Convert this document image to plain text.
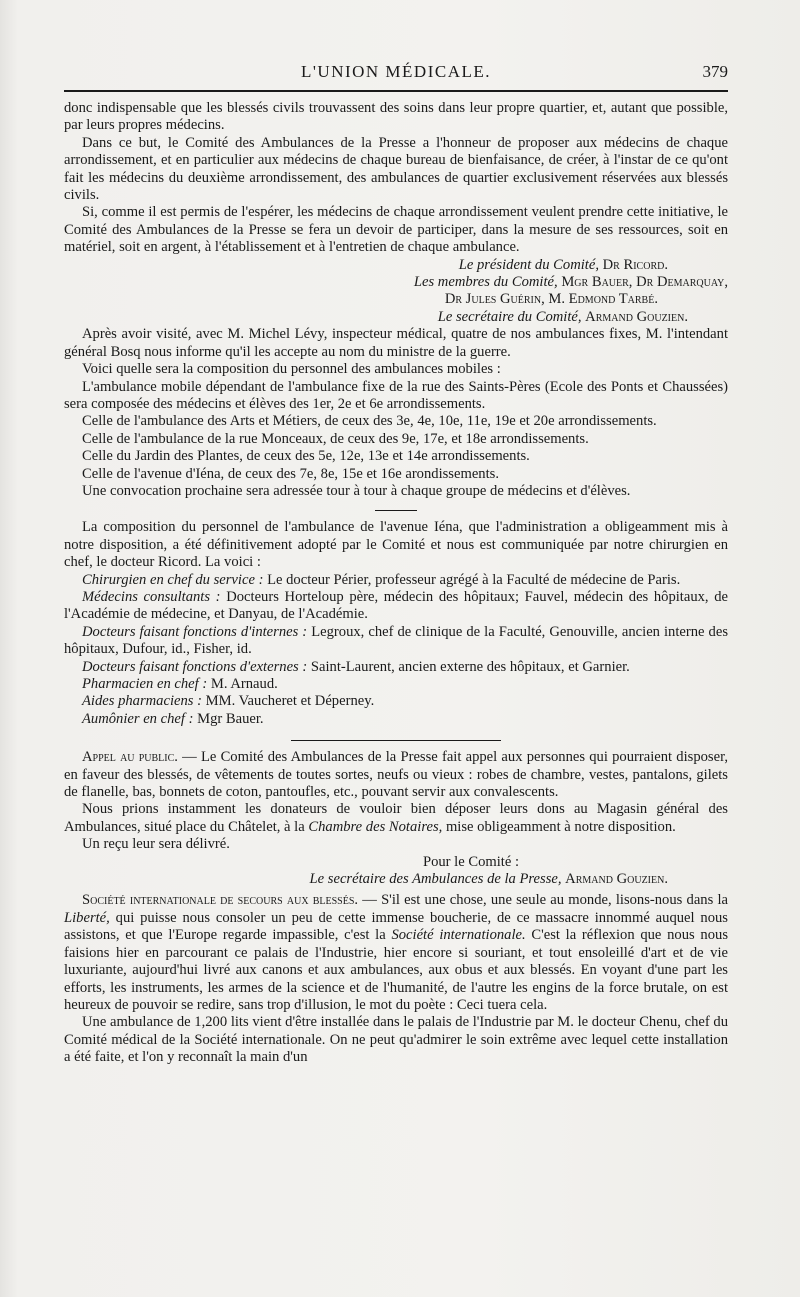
L'UNION MÉDICALE.	379

donc indispensable que les blessés civils trouvassent des soins dans leur propre quartier, et, autant que possible, par leurs propres médecins.

Dans ce but, le Comité des Ambulances de la Presse a l'honneur de proposer aux médecins de chaque arrondissement, et en particulier aux médecins de chaque bureau de bienfaisance, de créer, à l'instar de ce qu'ont fait les médecins du deuxième arrondissement, des ambulances de quartier exclusivement réservées aux blessés civils.

Si, comme il est permis de l'espérer, les médecins de chaque arrondissement veulent prendre cette initiative, le Comité des Ambulances de la Presse se fera un devoir de participer, dans la mesure de ses ressources, soit en matériel, soit en argent, à l'établissement et à l'entretien de chaque ambulance.

Le président du Comité, Dr Ricord.

Les membres du Comité, Mgr Bauer, Dr Demarquay,

Dr Jules Guérin, M. Edmond Tarbé.

Le secrétaire du Comité, Armand Gouzien.

Après avoir visité, avec M. Michel Lévy, inspecteur médical, quatre de nos ambulances fixes, M. l'intendant général Bosq nous informe qu'il les accepte au nom du ministre de la guerre.

Voici quelle sera la composition du personnel des ambulances mobiles :

L'ambulance mobile dépendant de l'ambulance fixe de la rue des Saints-Pères (Ecole des Ponts et Chaussées) sera composée des médecins et élèves des 1er, 2e et 6e arrondissements.

Celle de l'ambulance des Arts et Métiers, de ceux des 3e, 4e, 10e, 11e, 19e et 20e arrondissements.

Celle de l'ambulance de la rue Monceaux, de ceux des 9e, 17e, et 18e arrondissements.

Celle du Jardin des Plantes, de ceux des 5e, 12e, 13e et 14e arrondissements.

Celle de l'avenue d'Iéna, de ceux des 7e, 8e, 15e et 16e arondissements.

Une convocation prochaine sera adressée tour à tour à chaque groupe de médecins et d'élèves.

La composition du personnel de l'ambulance de l'avenue Iéna, que l'administration a obligeamment mis à notre disposition, a été définitivement adopté par le Comité et nous est communiquée par notre chirurgien en chef, le docteur Ricord. La voici :

Chirurgien en chef du service : Le docteur Périer, professeur agrégé à la Faculté de médecine de Paris.

Médecins consultants : Docteurs Horteloup père, médecin des hôpitaux; Fauvel, médecin des hôpitaux, de l'Académie de médecine, et Danyau, de l'Académie.

Docteurs faisant fonctions d'internes : Legroux, chef de clinique de la Faculté, Genouville, ancien interne des hôpitaux, Dufour, id., Fisher, id.

Docteurs faisant fonctions d'externes : Saint-Laurent, ancien externe des hôpitaux, et Garnier.

Pharmacien en chef : M. Arnaud.

Aides pharmaciens : MM. Vaucheret et Déperney.

Aumônier en chef : Mgr Bauer.

Appel au public. — Le Comité des Ambulances de la Presse fait appel aux personnes qui pourraient disposer, en faveur des blessés, de vêtements de toutes sortes, neufs ou vieux : robes de chambre, vestes, pantalons, gilets de flanelle, bas, bonnets de coton, pantoufles, etc., pouvant servir aux convalescents.

Nous prions instamment les donateurs de vouloir bien déposer leurs dons au Magasin général des Ambulances, situé place du Châtelet, à la Chambre des Notaires, mise obligeamment à notre disposition.

Un reçu leur sera délivré.

Pour le Comité :

Le secrétaire des Ambulances de la Presse, Armand Gouzien.

Société internationale de secours aux blessés. — S'il est une chose, une seule au monde, lisons-nous dans la Liberté, qui puisse nous consoler un peu de cette immense boucherie, de ce massacre innommé auquel nous assistons, et que l'Europe regarde impassible, c'est la Société internationale. C'est la réflexion que nous nous faisions hier en parcourant ce palais de l'Industrie, hier encore si souriant, et tout ensoleillé d'art et de vie luxuriante, aujourd'hui livré aux canons et aux ambulances, aux obus et aux blessés. En voyant d'une part les efforts, les instruments, les armes de la science et de l'humanité, de l'autre les engins de la force brutale, on est heureux de pouvoir se redire, sans trop d'illusion, le mot du poète : Ceci tuera cela.

Une ambulance de 1,200 lits vient d'être installée dans le palais de l'Industrie par M. le docteur Chenu, chef du Comité médical de la Société internationale. On ne peut qu'admirer le soin extrême avec lequel cette installation a été faite, et l'on y reconnaît la main d'un
